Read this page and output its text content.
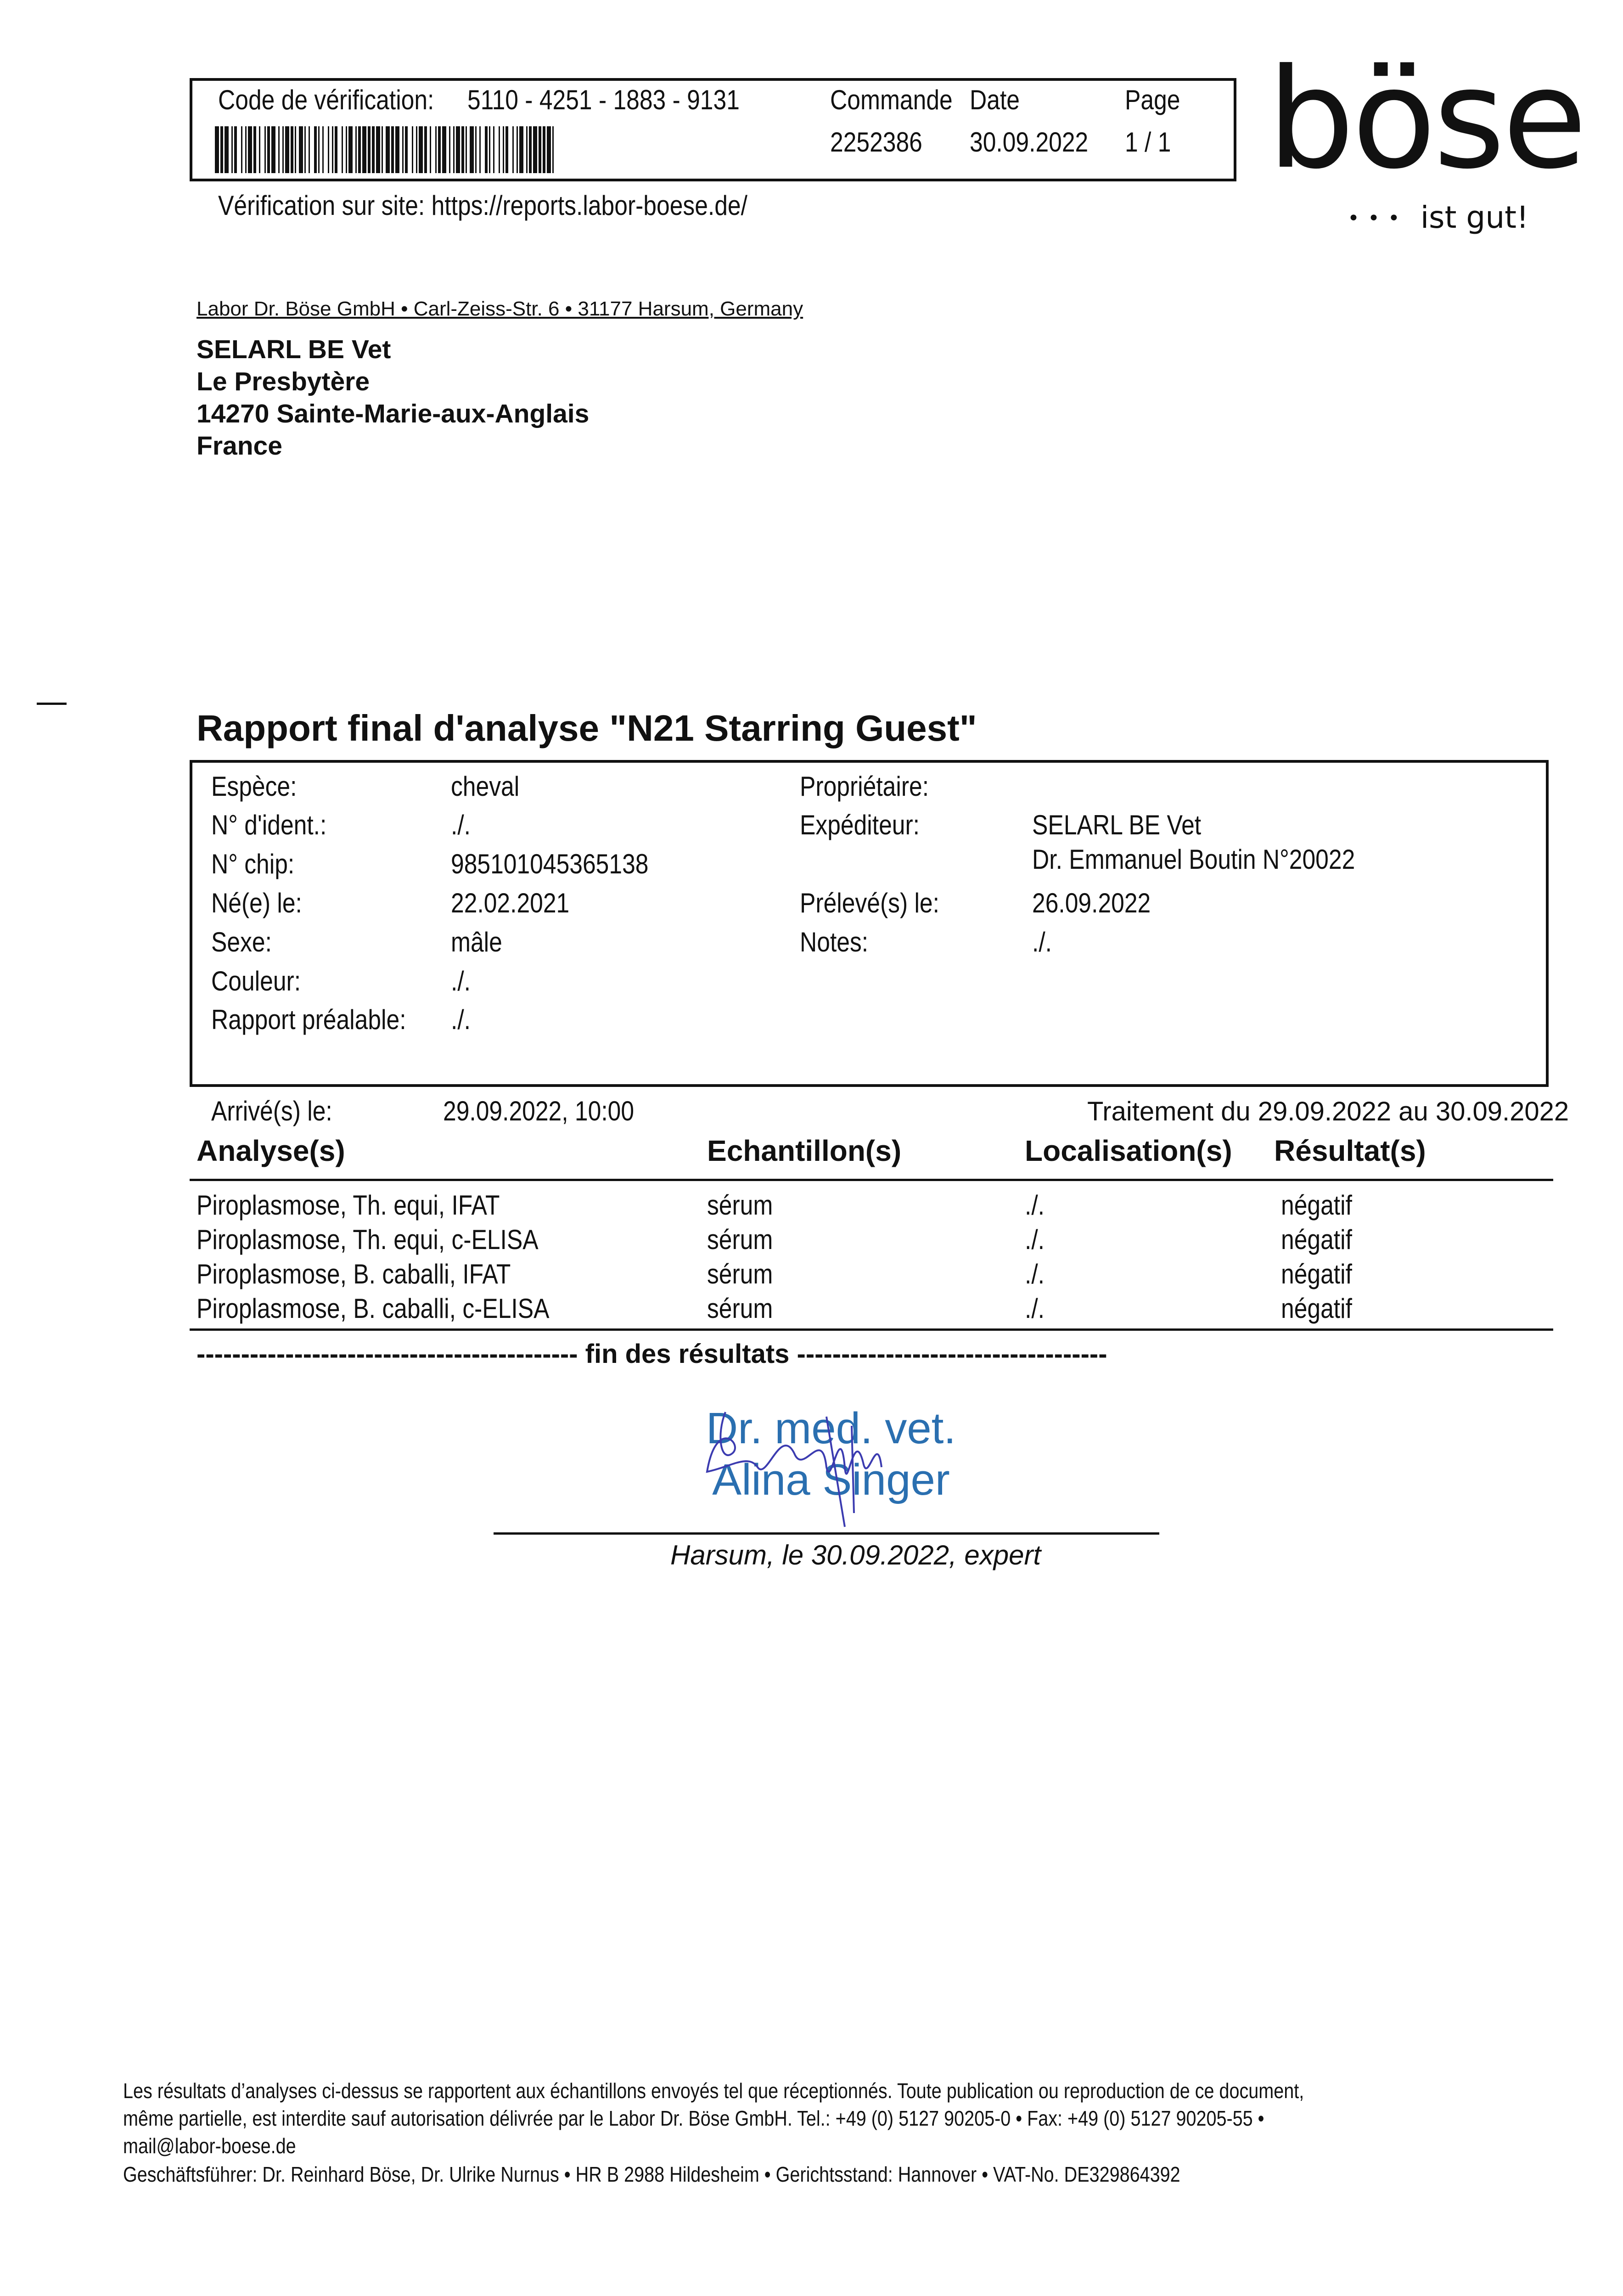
Code de vérification: 5110 - 4251 - 1883 - 9131	Commande Date	Page
2252386 30.09.2022 1 / 1
Vérification sur site: https://reports.labor-boese.de/
böse
••• ist gut!
Labor Dr. Böse GmbH • Carl-Zeiss-Str. 6 • 31177 Harsum, Germany
SELARL BE Vet
Le Presbytère
14270 Sainte-Marie-aux-Anglais
France
Rapport final d'analyse "N21 Starring Guest"
Espèce:	cheval
N° d'ident.:	./.
N° chip:	985101045365138
Né(e) le:	22.02.2021
Sexe:	mâle
Couleur:	./.
Rapport préalable: ./.
Propriétaire:
Expéditeur:	SELARL BE Vet
Dr. Emmanuel Boutin N°20022
Prélevé(s) le:	26.09.2022
Notes:	./.
Arrivé(s) le:	29.09.2022, 10:00	Traitement du 29.09.2022 au 30.09.2022
Analyse(s)	Echantillon(s)	Localisation(s) Résultat(s)
Piroplasmose, Th. equi, IFAT	sérum	./.	négatif
Piroplasmose, Th. equi, c-ELISA	sérum	./.	négatif
Piroplasmose, B. caballi, IFAT	sérum	./.	négatif
Piroplasmose, B. caballi, c-ELISA	sérum	./.	négatif
------------------------------------------- fin des résultats -----------------------------------
Dr. med. vet.
Alina Singer
Harsum, le 30.09.2022, expert
Les résultats d’analyses ci-dessus se rapportent aux échantillons envoyés tel que réceptionnés. Toute publication ou reproduction de ce document,
même partielle, est interdite sauf autorisation délivrée par le Labor Dr. Böse GmbH. Tel.: +49 (0) 5127 90205-0 • Fax: +49 (0) 5127 90205-55 •
mail@labor-boese.de
Geschäftsführer: Dr. Reinhard Böse, Dr. Ulrike Nurnus • HR B 2988 Hildesheim • Gerichtsstand: Hannover • VAT-No. DE329864392
